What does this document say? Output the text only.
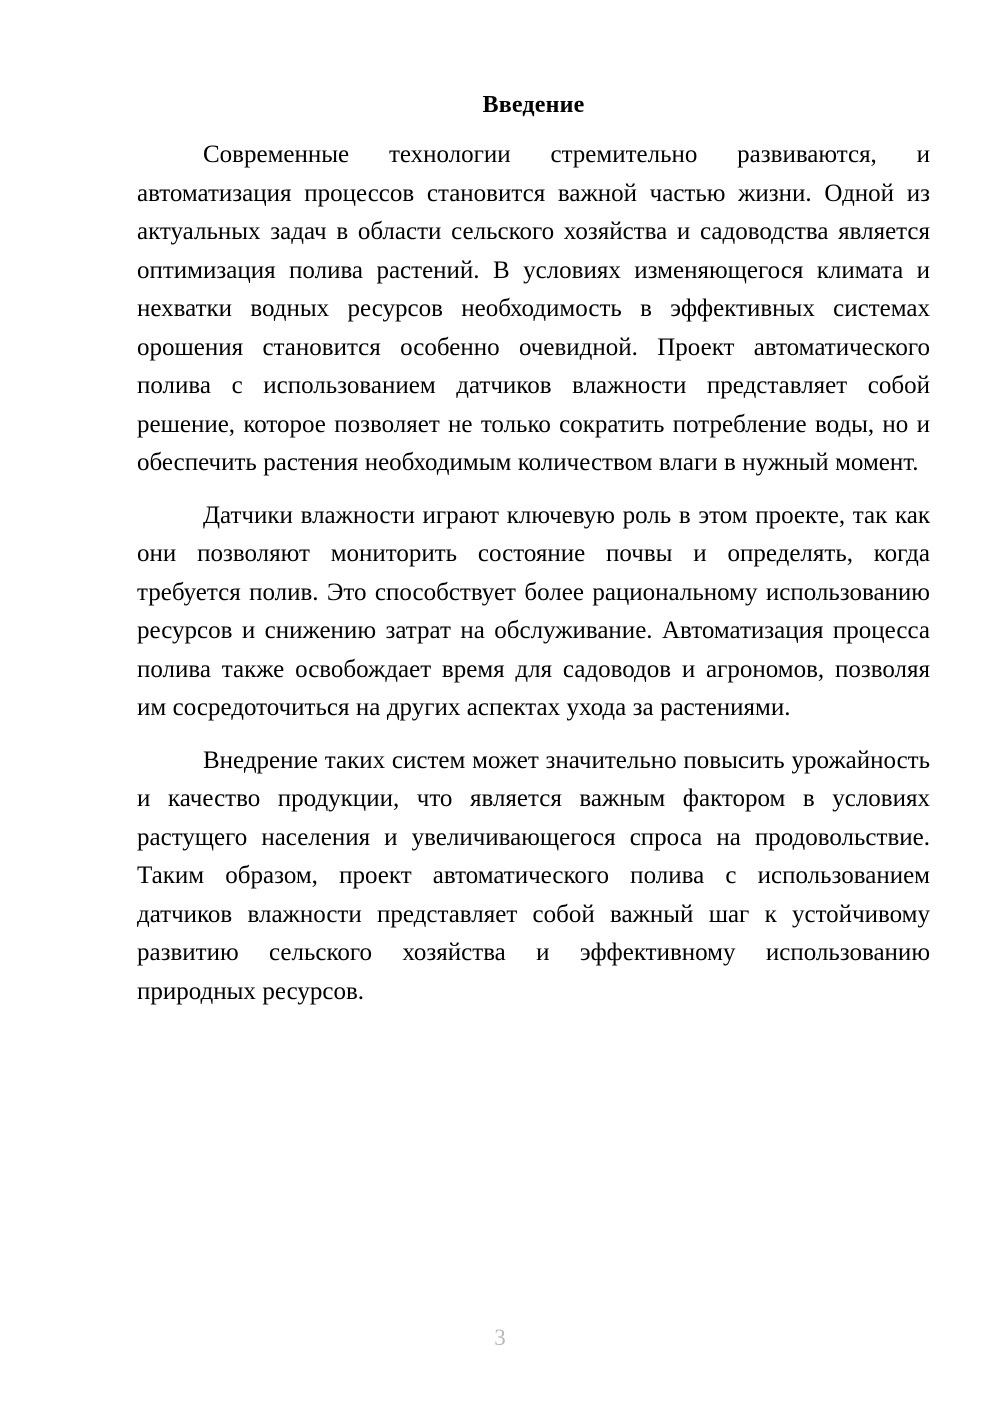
Введение

Современные технологии стремительно развиваются, и автоматизация процессов становится важной частью жизни. Одной из актуальных задач в области сельского хозяйства и садоводства является оптимизация полива растений. В условиях изменяющегося климата и нехватки водных ресурсов необходимость в эффективных системах орошения становится особенно очевидной. Проект автоматического полива с использованием датчиков влажности представляет собой решение, которое позволяет не только сократить потребление воды, но и обеспечить растения необходимым количеством влаги в нужный момент.

Датчики влажности играют ключевую роль в этом проекте, так как они позволяют мониторить состояние почвы и определять, когда требуется полив. Это способствует более рациональному использованию ресурсов и снижению затрат на обслуживание. Автоматизация процесса полива также освобождает время для садоводов и агрономов, позволяя им сосредоточиться на других аспектах ухода за растениями.

Внедрение таких систем может значительно повысить урожайность и качество продукции, что является важным фактором в условиях растущего населения и увеличивающегося спроса на продовольствие. Таким образом, проект автоматического полива с использованием датчиков влажности представляет собой важный шаг к устойчивому развитию сельского хозяйства и эффективному использованию природных ресурсов.

3
